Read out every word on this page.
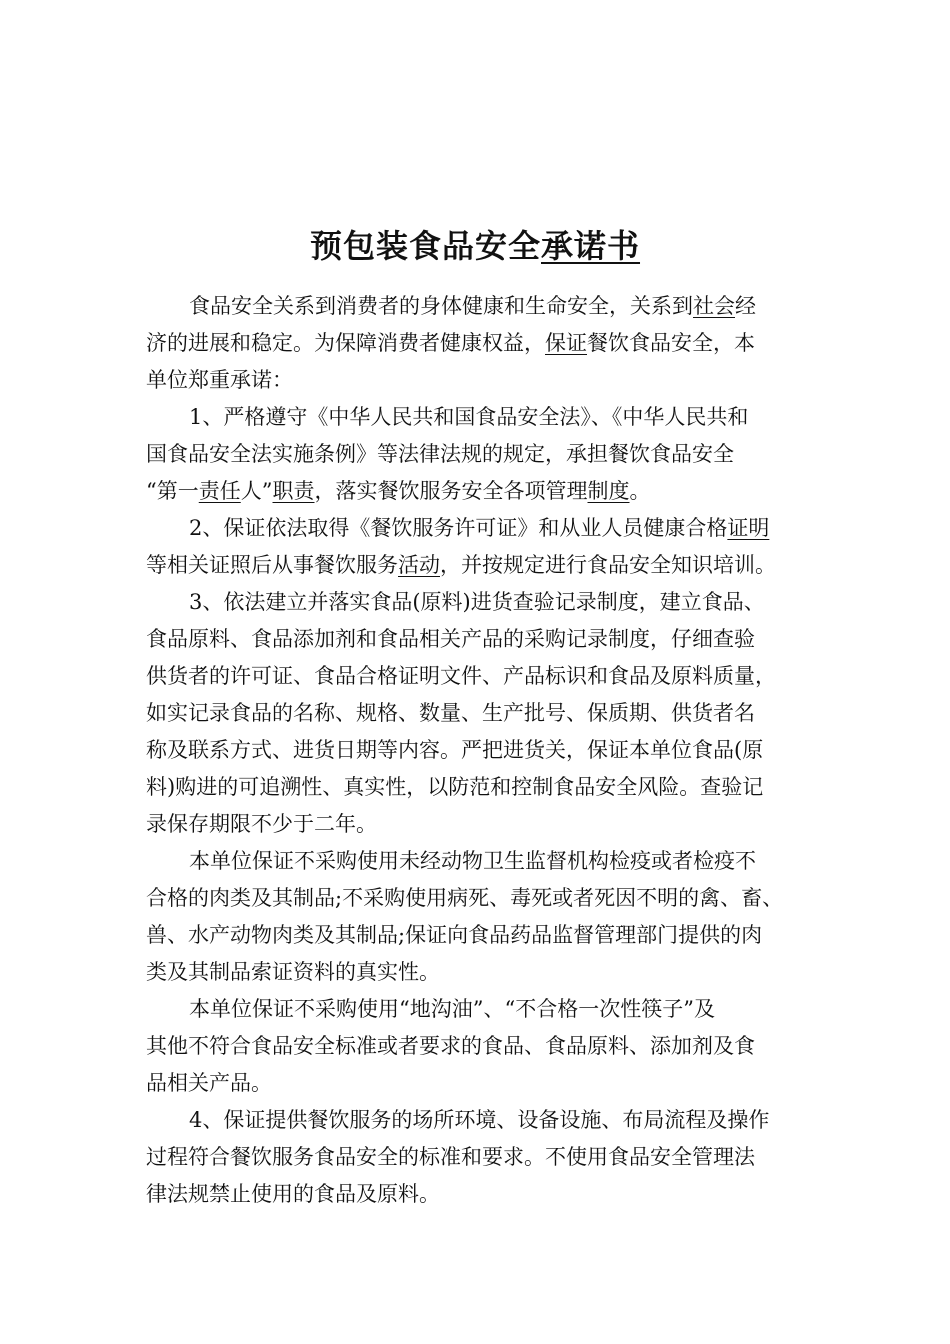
预包装食品安全承诺书
食品安全关系到消费者的身体健康和生命安全，关系到社会经
济的进展和稳定。为保障消费者健康权益，保证餐饮食品安全，本
单位郑重承诺：
1、严格遵守《中华人民共和国食品安全法》、《中华人民共和
国食品安全法实施条例》等法律法规的规定，承担餐饮食品安全
“第一责任人”职责，落实餐饮服务安全各项管理制度。
2、保证依法取得《餐饮服务许可证》和从业人员健康合格证明
等相关证照后从事餐饮服务活动，并按规定进行食品安全知识培训。
3、依法建立并落实食品(原料)进货查验记录制度，建立食品、
食品原料、食品添加剂和食品相关产品的采购记录制度，仔细查验
供货者的许可证、食品合格证明文件、产品标识和食品及原料质量，
如实记录食品的名称、规格、数量、生产批号、保质期、供货者名
称及联系方式、进货日期等内容。严把进货关，保证本单位食品(原
料)购进的可追溯性、真实性，以防范和控制食品安全风险。查验记
录保存期限不少于二年。
本单位保证不采购使用未经动物卫生监督机构检疫或者检疫不
合格的肉类及其制品;不采购使用病死、毒死或者死因不明的禽、畜、
兽、水产动物肉类及其制品;保证向食品药品监督管理部门提供的肉
类及其制品索证资料的真实性。
本单位保证不采购使用“地沟油”、“不合格一次性筷子”及
其他不符合食品安全标准或者要求的食品、食品原料、添加剂及食
品相关产品。
4、保证提供餐饮服务的场所环境、设备设施、布局流程及操作
过程符合餐饮服务食品安全的标准和要求。不使用食品安全管理法
律法规禁止使用的食品及原料。
